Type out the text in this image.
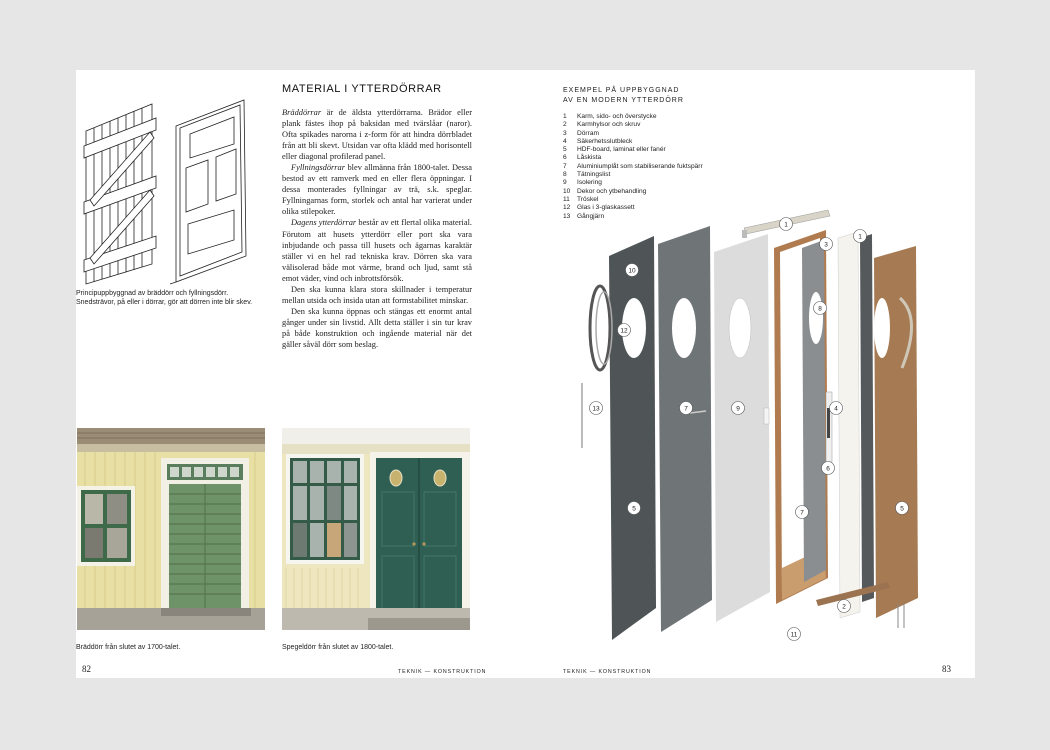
Principuppbyggnad av bräddörr och fyllningsdörr.
Snedsträvor, på eller i dörrar, gör att dörren inte blir skev.
MATERIAL I YTTERDÖRRAR

Bräddörrar är de äldsta ytterdörrarna. Brädor eller plank fästes ihop på baksidan med tvärslåar (naror). Ofta spikades narorna i z-form för att hindra dörrbladet från att bli skevt. Utsidan var ofta klädd med horisontell eller diagonal profilerad panel.

Fyllningsdörrar blev allmänna från 1800-talet. Dessa bestod av ett ramverk med en eller flera öppningar. I dessa monterades fyllningar av trä, s.k. speglar. Fyllningarnas form, storlek och antal har varierat under olika stilepoker.

Dagens ytterdörrar består av ett flertal olika material. Förutom att husets ytterdörr eller port ska vara inbjudande och passa till husets och ägarnas karaktär ställer vi en hel rad tekniska krav. Dörren ska vara välisolerad både mot värme, brand och ljud, samt stå emot väder, vind och inbrottsförsök.

Den ska kunna klara stora skillnader i temperatur mellan utsida och insida utan att formstabilitet minskar.

Den ska kunna öppnas och stängas ett enormt antal gånger under sin livstid. Allt detta ställer i sin tur krav på både konstruktion och ingående material när det gäller såväl dörr som beslag.

Bräddörr från slutet av 1700-talet.	Spegeldörr från slutet av 1800-talet.
82	TEKNIK — KONSTRUKTION
EXEMPEL PÅ UPPBYGGNAD
AV EN MODERN YTTERDÖRR
1	Karm, sido- och överstycke
2	Karmhylsor och skruv
3	Dörram
4	Säkerhetsslutbleck
5	HDF-board, laminat eller fanér
6	Låskista
7	Aluminiumplåt som stabiliserande fuktspärr
8	Tätningslist
9	Isolering
10	Dekor och ytbehandling
11	Tröskel
12	Glas i 3-glaskassett
13	Gångjärn
1
1
3
10
12
13	7	9
8
4
6
5
7
5
2
11
83
TEKNIK — KONSTRUKTION
